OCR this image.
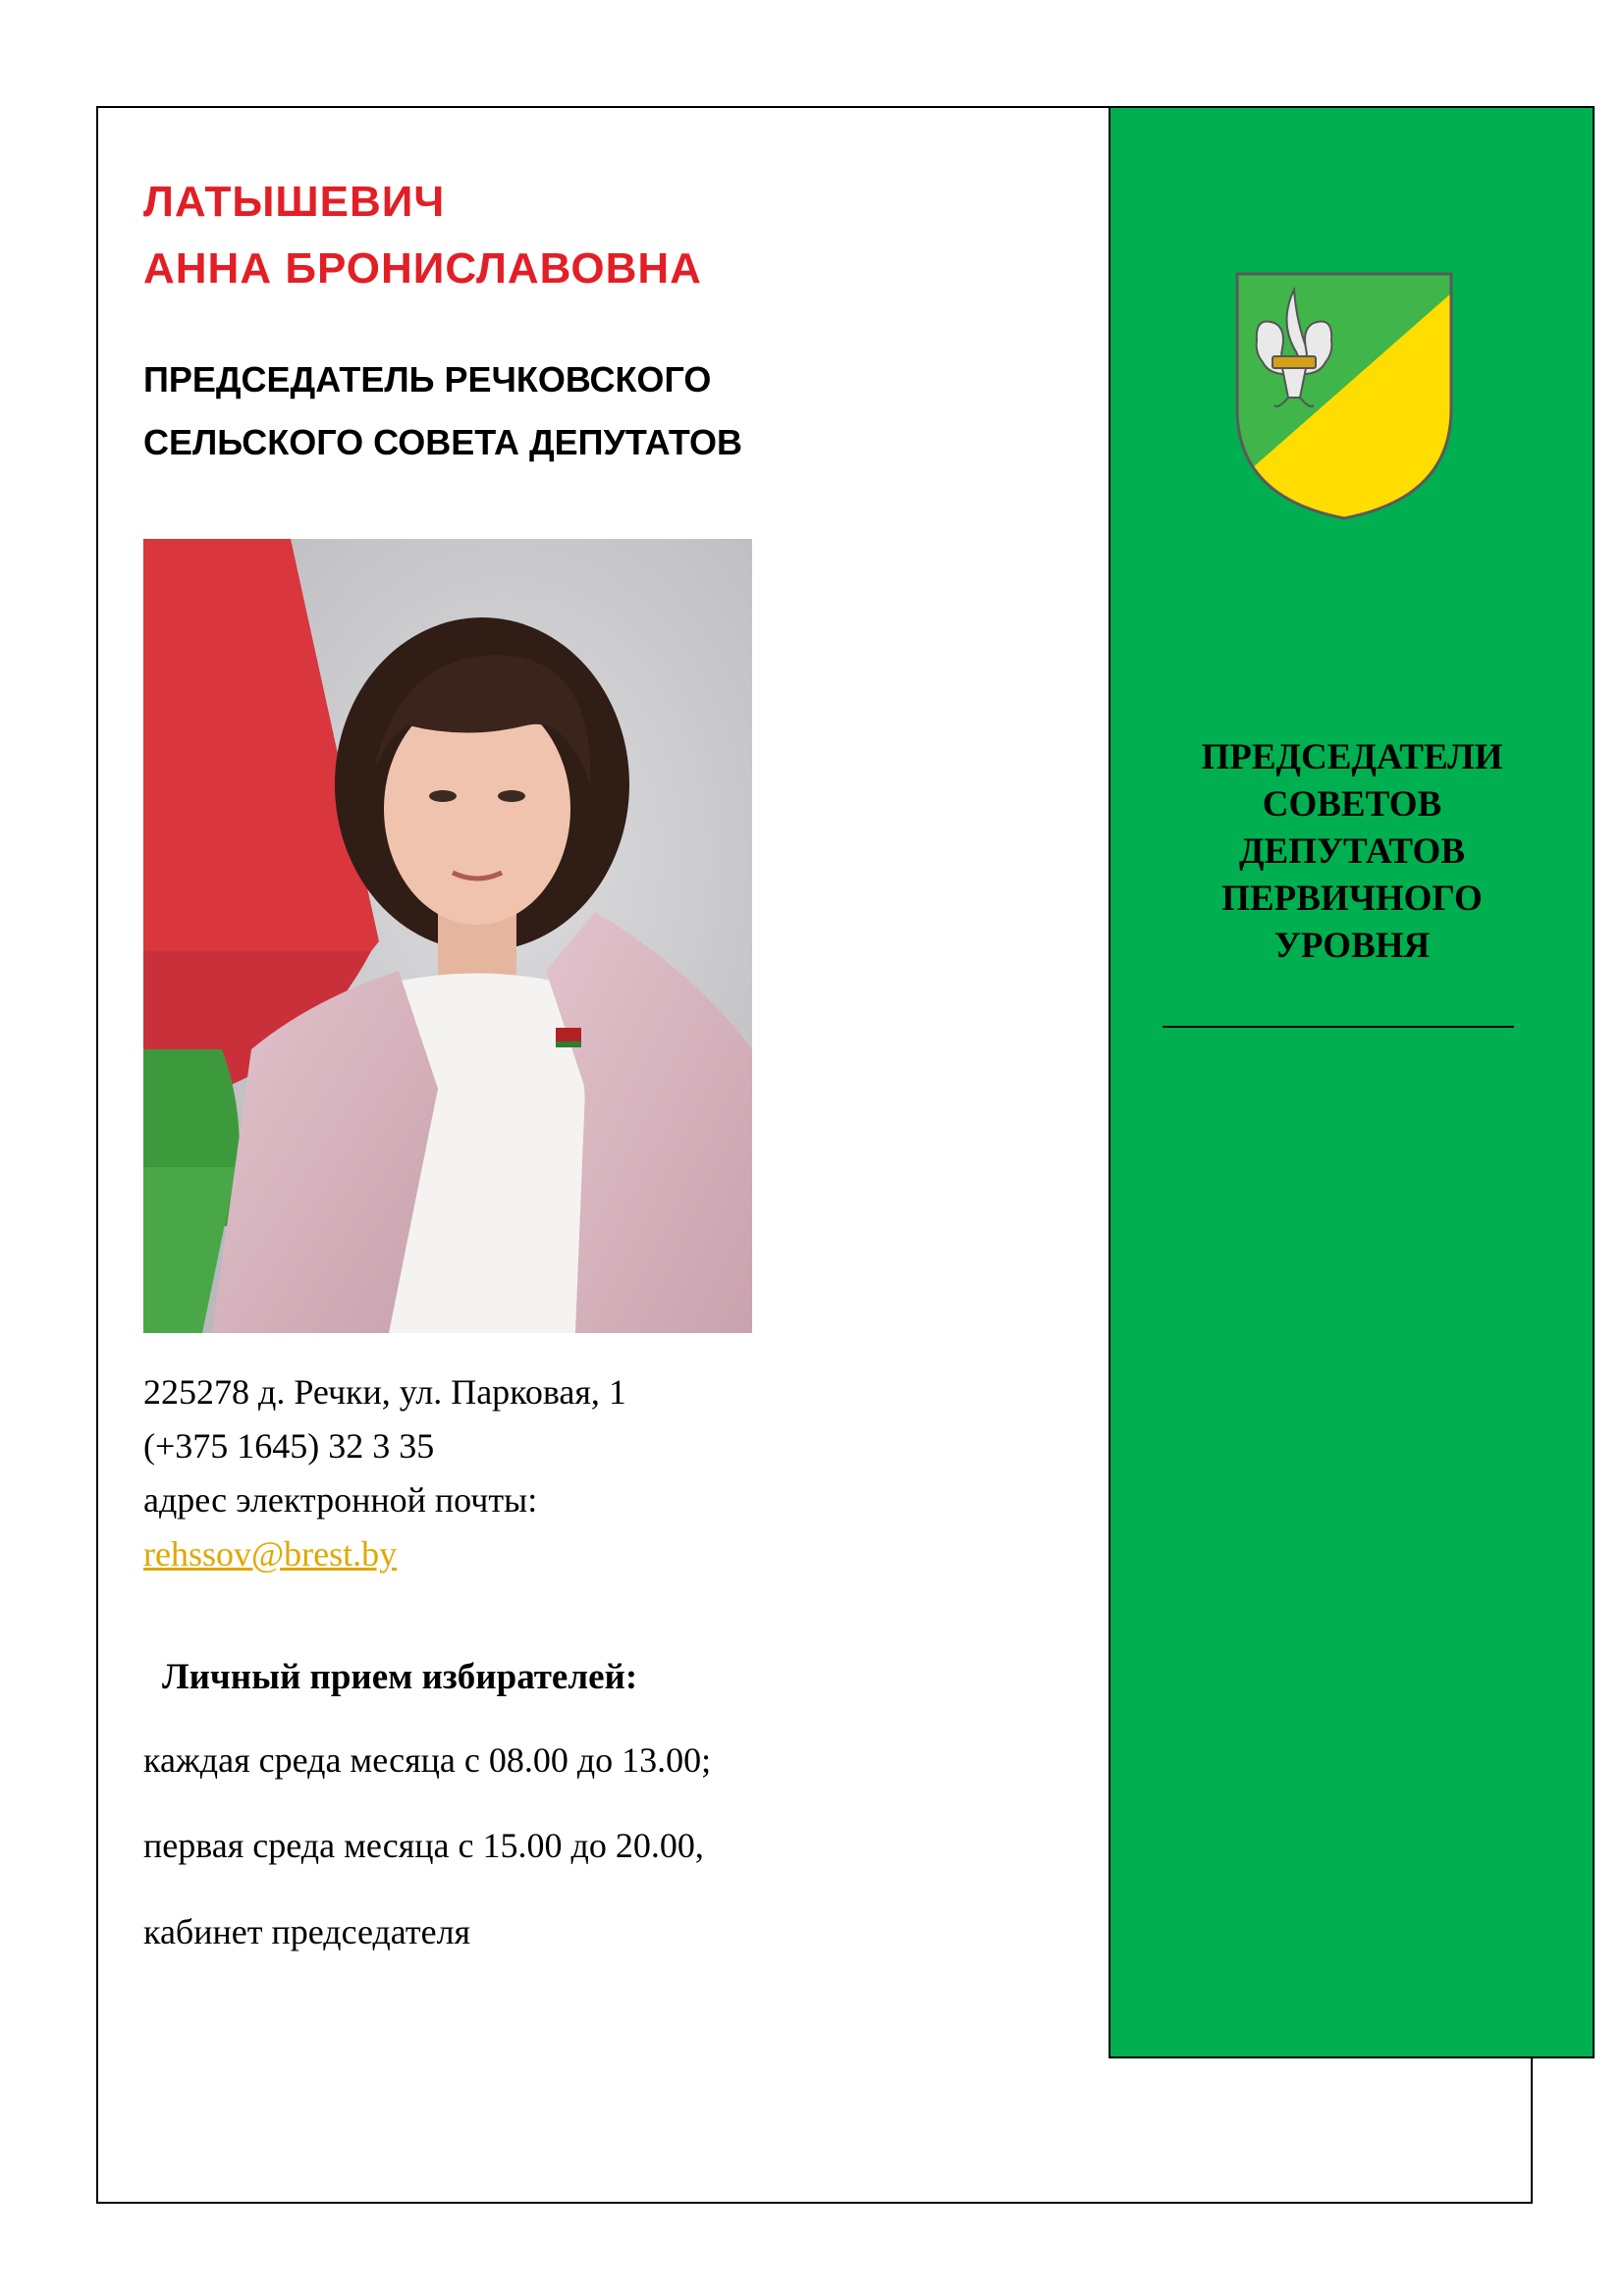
ЛАТЫШЕВИЧ
АННА БРОНИСЛАВОВНА
ПРЕДСЕДАТЕЛЬ РЕЧКОВСКОГО
СЕЛЬСКОГО СОВЕТА ДЕПУТАТОВ
225278 д. Речки, ул. Парковая, 1
(+375 1645) 32 3 35
адрес электронной почты:
rehssov@brest.by
Личный прием избирателей:
каждая среда месяца с 08.00 до 13.00;
первая среда месяца с 15.00 до 20.00,
кабинет председателя
ПРЕДСЕДАТЕЛИ
СОВЕТОВ
ДЕПУТАТОВ
ПЕРВИЧНОГО
УРОВНЯ
